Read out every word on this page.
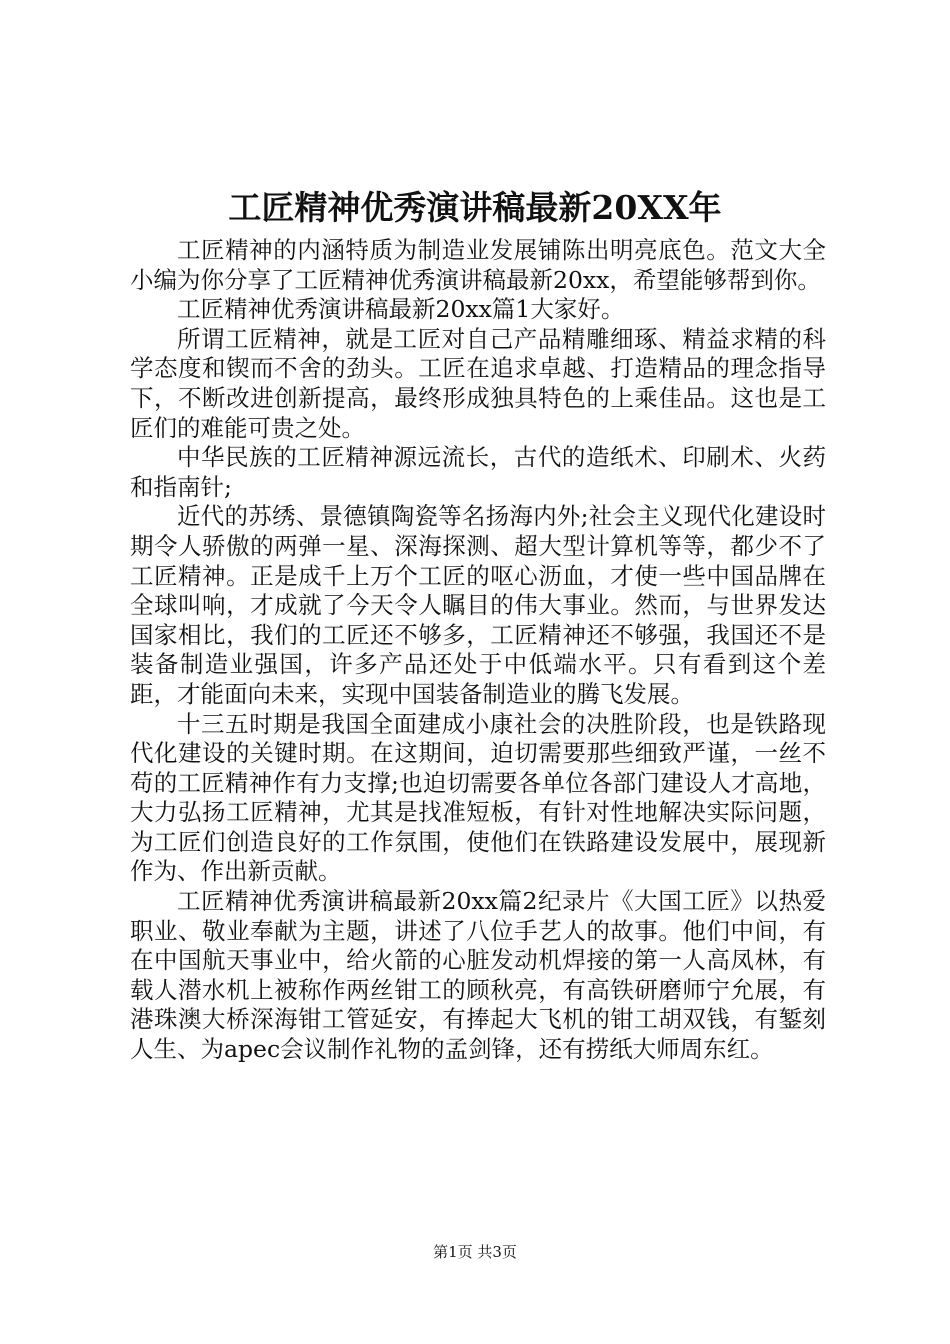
工匠精神优秀演讲稿最新20XX年

工匠精神的内涵特质为制造业发展铺陈出明亮底色。范文大全小编为你分享了工匠精神优秀演讲稿最新20xx，希望能够帮到你。

工匠精神优秀演讲稿最新20xx篇1大家好。

所谓工匠精神，就是工匠对自己产品精雕细琢、精益求精的科学态度和锲而不舍的劲头。工匠在追求卓越、打造精品的理念指导下，不断改进创新提高，最终形成独具特色的上乘佳品。这也是工匠们的难能可贵之处。

中华民族的工匠精神源远流长，古代的造纸术、印刷术、火药和指南针;

近代的苏绣、景德镇陶瓷等名扬海内外;社会主义现代化建设时期令人骄傲的两弹一星、深海探测、超大型计算机等等，都少不了工匠精神。正是成千上万个工匠的呕心沥血，才使一些中国品牌在全球叫响，才成就了今天令人瞩目的伟大事业。然而，与世界发达国家相比，我们的工匠还不够多，工匠精神还不够强，我国还不是装备制造业强国，许多产品还处于中低端水平。只有看到这个差距，才能面向未来，实现中国装备制造业的腾飞发展。

十三五时期是我国全面建成小康社会的决胜阶段，也是铁路现代化建设的关键时期。在这期间，迫切需要那些细致严谨，一丝不苟的工匠精神作有力支撑;也迫切需要各单位各部门建设人才高地，大力弘扬工匠精神，尤其是找准短板，有针对性地解决实际问题，为工匠们创造良好的工作氛围，使他们在铁路建设发展中，展现新作为、作出新贡献。

工匠精神优秀演讲稿最新20xx篇2纪录片《大国工匠》以热爱职业、敬业奉献为主题，讲述了八位手艺人的故事。他们中间，有在中国航天事业中，给火箭的心脏发动机焊接的第一人高凤林，有载人潜水机上被称作两丝钳工的顾秋亮，有高铁研磨师宁允展，有港珠澳大桥深海钳工管延安，有捧起大飞机的钳工胡双钱，有錾刻人生、为apec会议制作礼物的孟剑锋，还有捞纸大师周东红。

第1页 共3页
